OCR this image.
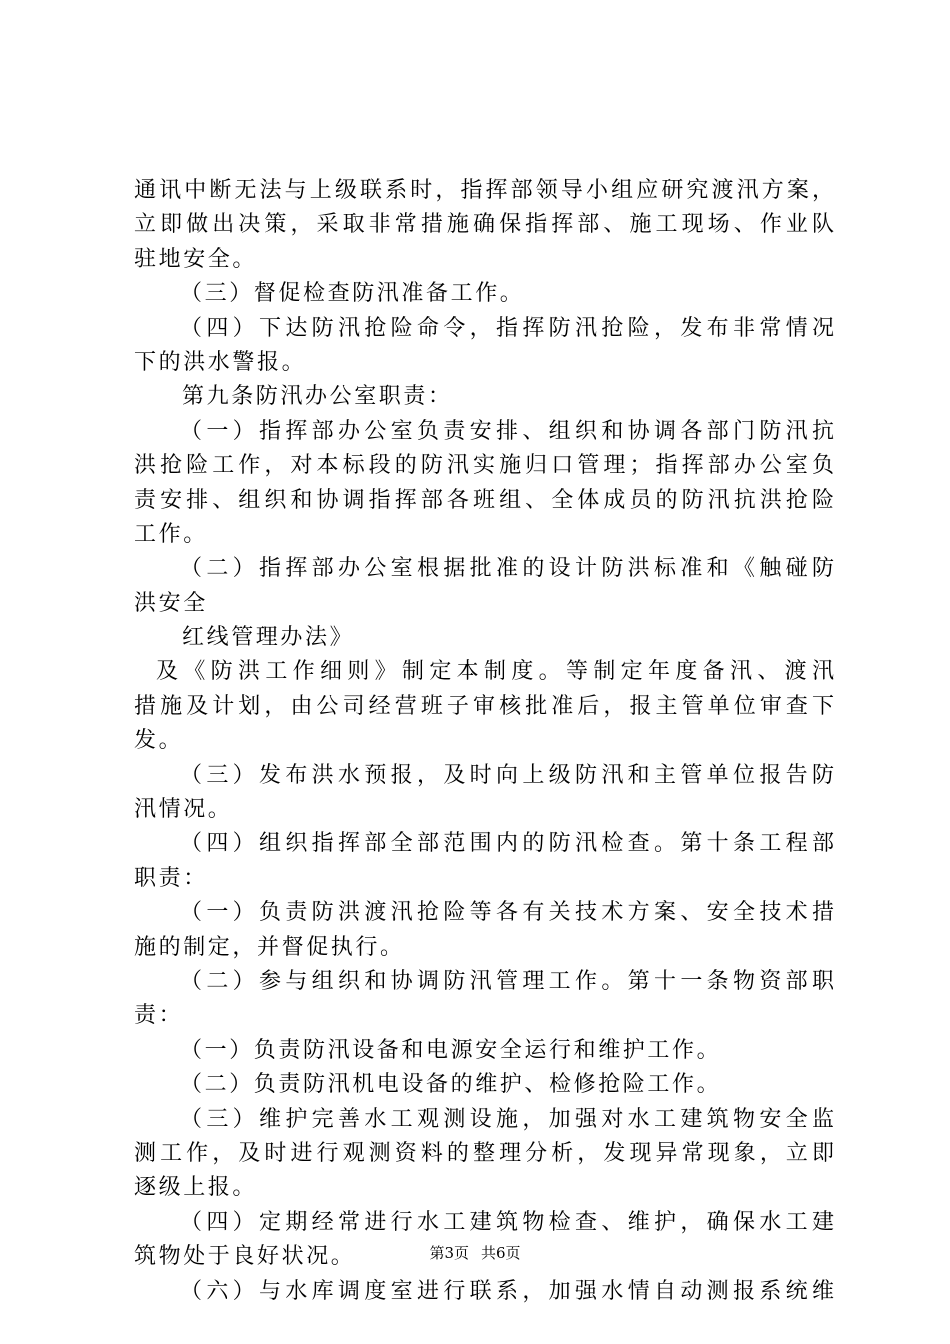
通讯中断无法与上级联系时，指挥部领导小组应研究渡汛方案，

立即做出决策，采取非常措施确保指挥部、施工现场、作业队

驻地安全。

（三）督促检查防汛准备工作。

（四）下达防汛抢险命令，指挥防汛抢险，发布非常情况

下的洪水警报。

第九条防汛办公室职责：

（一）指挥部办公室负责安排、组织和协调各部门防汛抗

洪抢险工作，对本标段的防汛实施归口管理；指挥部办公室负

责安排、组织和协调指挥部各班组、全体成员的防汛抗洪抢险

工作。

（二）指挥部办公室根据批准的设计防洪标准和《触碰防

洪安全

红线管理办法》

及《防洪工作细则》制定本制度。等制定年度备汛、渡汛

措施及计划，由公司经营班子审核批准后，报主管单位审查下

发。

（三）发布洪水预报，及时向上级防汛和主管单位报告防

汛情况。

（四）组织指挥部全部范围内的防汛检查。第十条工程部

职责：

（一）负责防洪渡汛抢险等各有关技术方案、安全技术措

施的制定，并督促执行。

（二）参与组织和协调防汛管理工作。第十一条物资部职

责：

（一）负责防汛设备和电源安全运行和维护工作。

（二）负责防汛机电设备的维护、检修抢险工作。

（三）维护完善水工观测设施，加强对水工建筑物安全监

测工作，及时进行观测资料的整理分析，发现异常现象，立即

逐级上报。

（四）定期经常进行水工建筑物检查、维护，确保水工建

筑物处于良好状况。

（六）与水库调度室进行联系，加强水情自动测报系统维

第3页 共6页
